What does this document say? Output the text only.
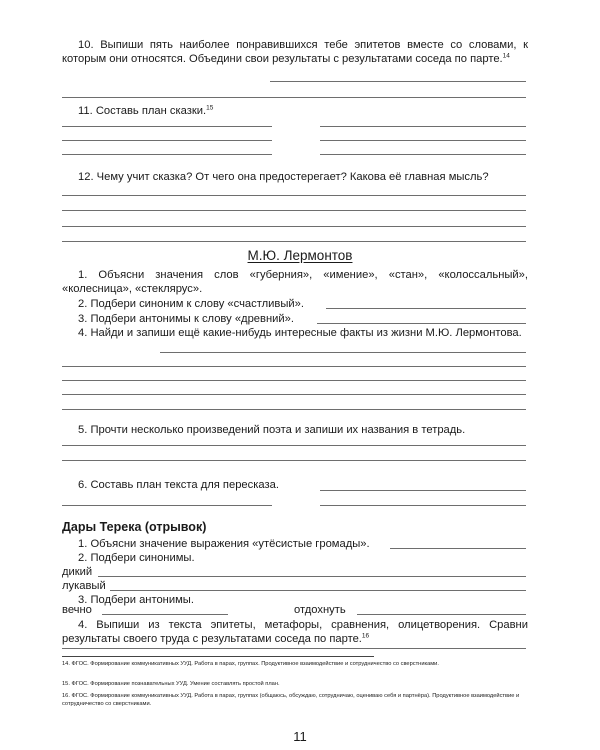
10. Выпиши пять наиболее понравившихся тебе эпитетов вместе со словами, к которым они относятся. Объедини свои результаты с результатами соседа по парте.$^{14}$
11. Составь план сказки.$^{15}$
12. Чему учит сказка? От чего она предостерегает? Какова её главная мысль?
М.Ю. Лермонтов
1. Объясни значения слов «губерния», «имение», «стан», «колоссальный», «колесница», «стеклярус».
2. Подбери синоним к слову «счастливый».
3. Подбери антонимы к слову «древний».
4. Найди и запиши ещё какие-нибудь интересные факты из жизни М.Ю. Лермонтова.
5. Прочти несколько произведений поэта и запиши их названия в тетрадь.
6. Составь план текста для пересказа.
Дары Терека (отрывок)
1. Объясни значение выражения «утёсистые громады».
2. Подбери синонимы.
дикий
лукавый
3. Подбери антонимы.
вечно	отдохнуть
4. Выпиши из текста эпитеты, метафоры, сравнения, олицетворения. Сравни результаты своего труда с результатами соседа по парте.$^{16}$
14. ФГОС. Формирование коммуникативных УУД. Работа в парах, группах. Продуктивное взаимодействие и сотрудничество со сверстниками.
15. ФГОС. Формирование познавательных УУД. Умение составлять простой план.
16. ФГОС. Формирование коммуникативных УУД. Работа в парах, группах (общаюсь, обсуждаю, сотрудничаю, оцениваю себя и партнёра). Продуктивное взаимодействие и сотрудничество со сверстниками.
11
